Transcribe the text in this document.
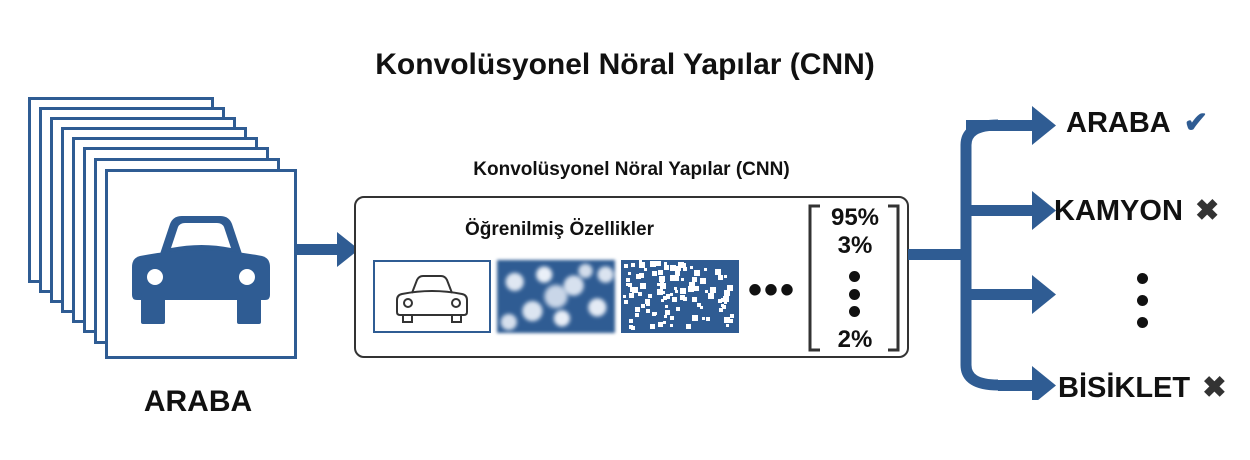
Konvolüsyonel Nöral Yapılar (CNN)
ARABA
Konvolüsyonel Nöral Yapılar (CNN)
Öğrenilmiş Özellikler
•••
95%
3%
2%
ARABA ✔
KAMYON ✖
BİSİKLET ✖
